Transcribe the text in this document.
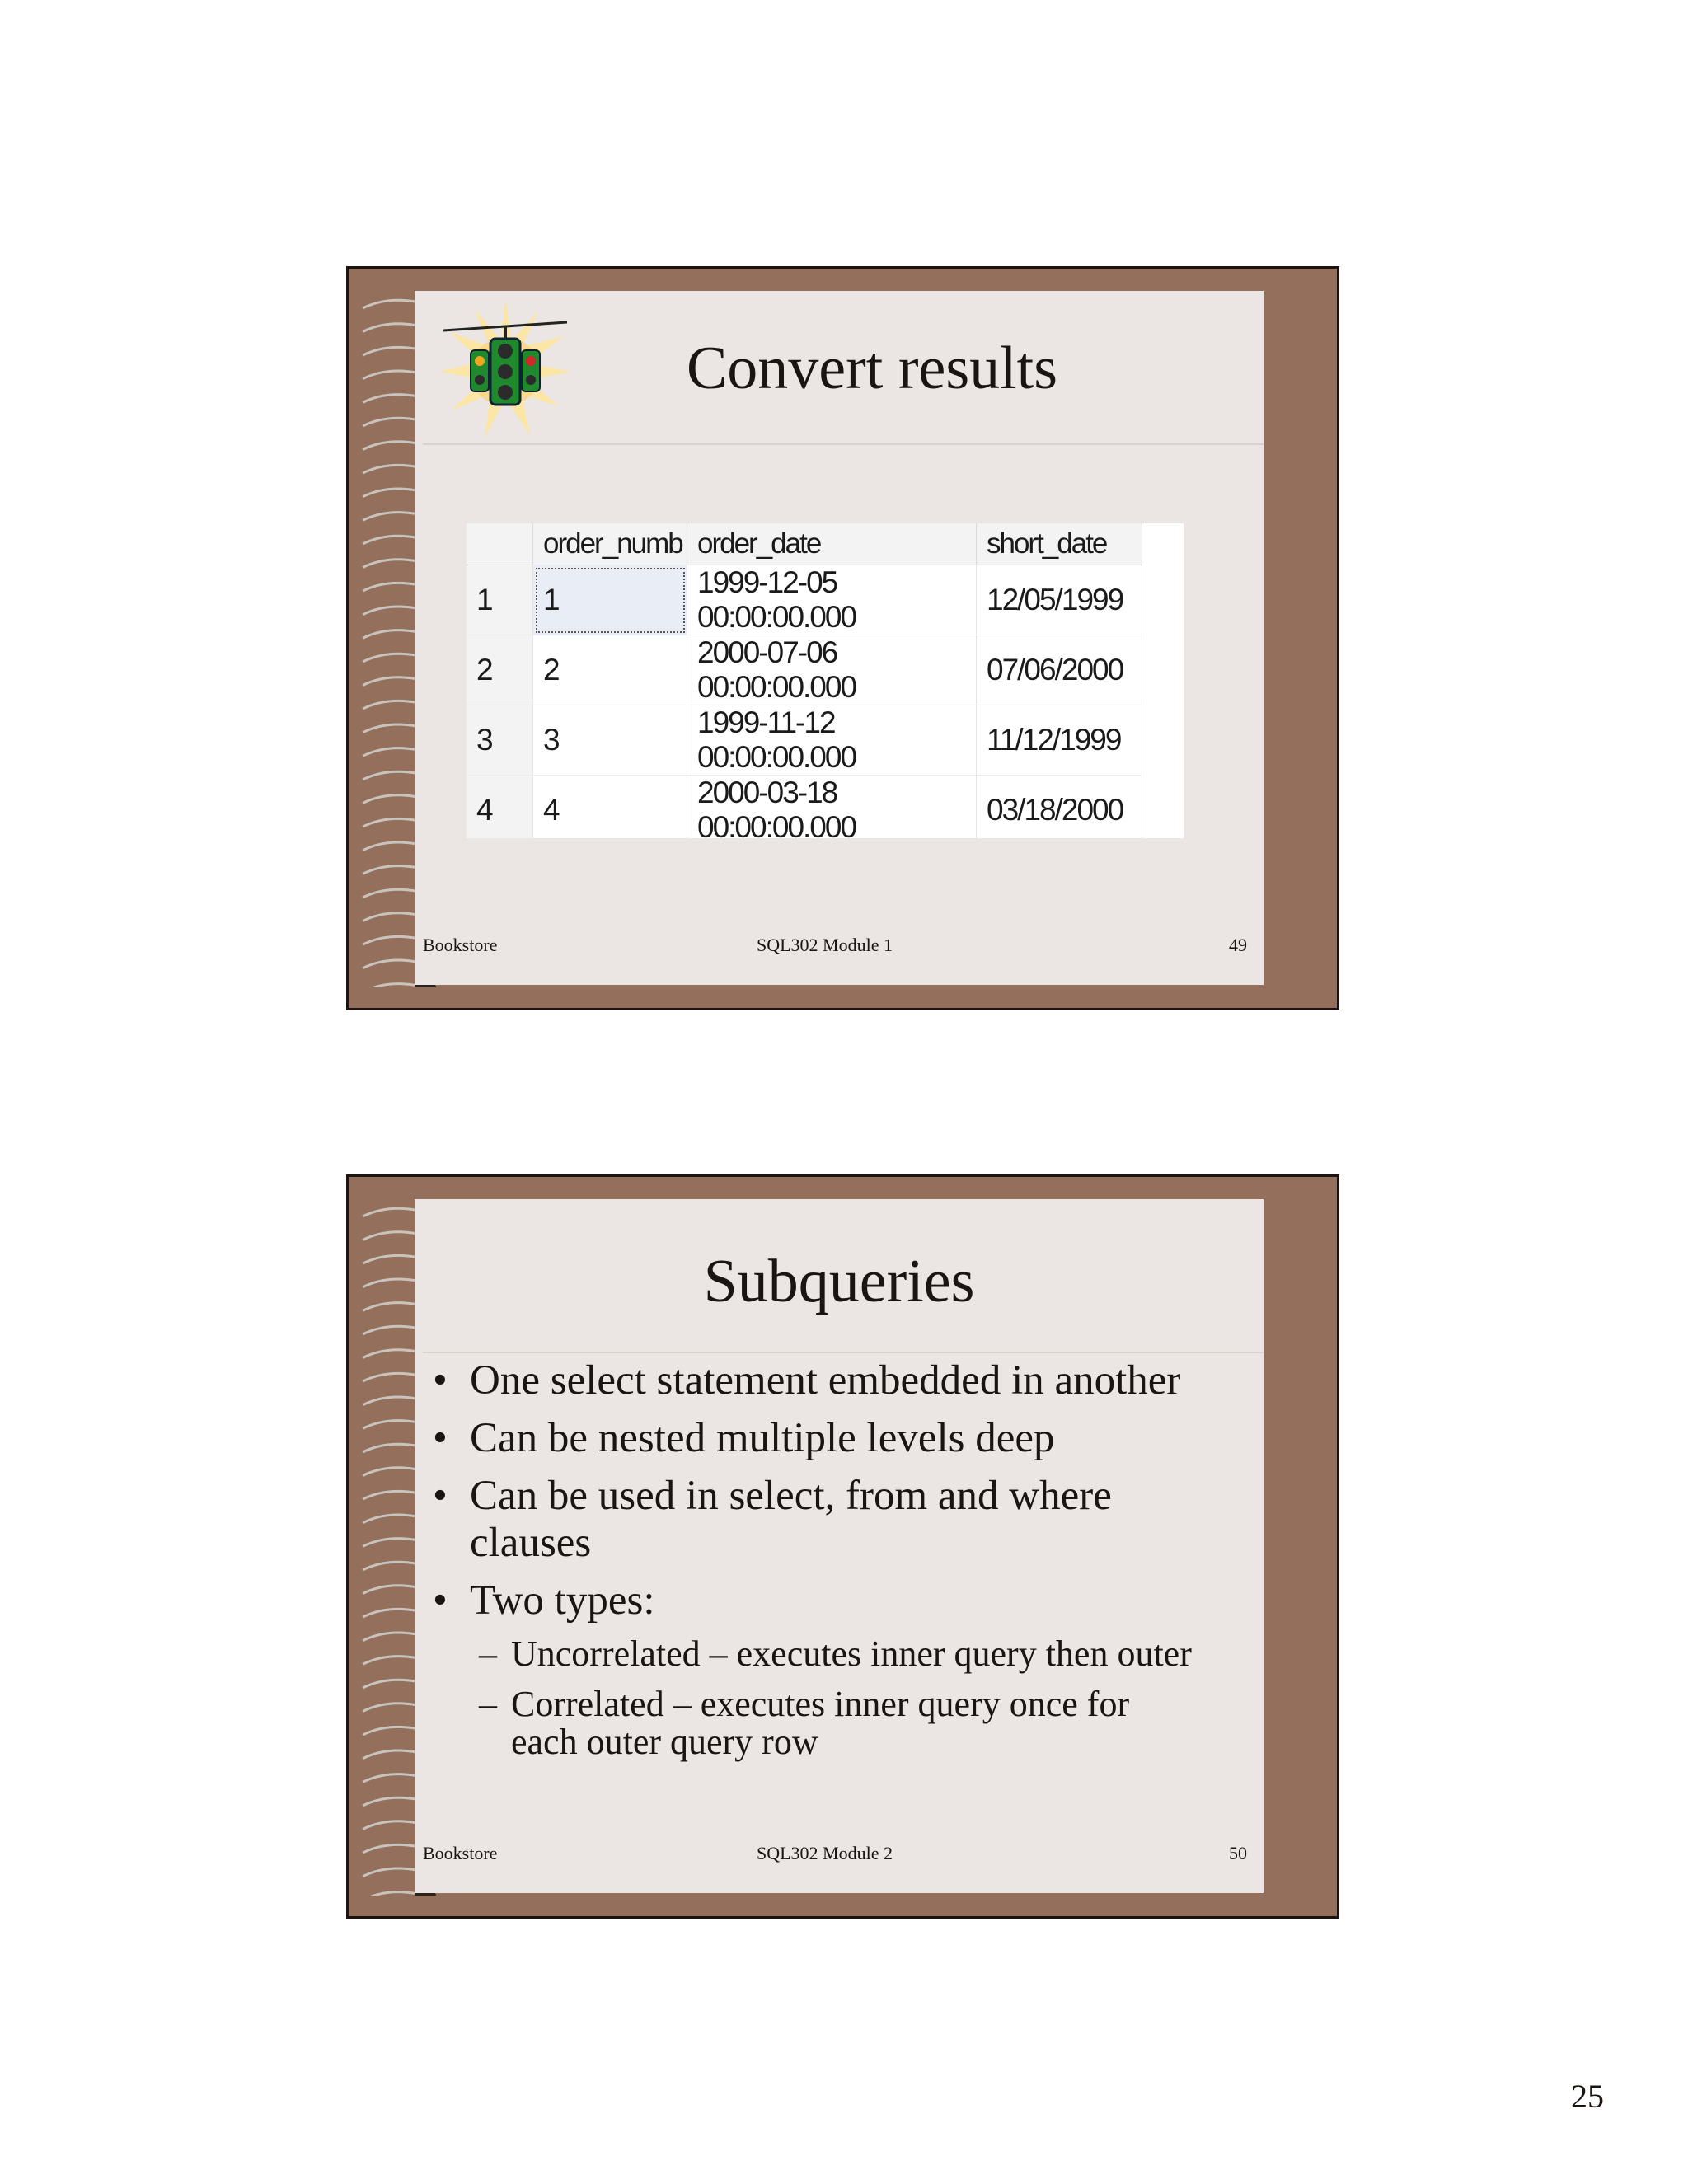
Convert results
	order_numb	order_date	short_date
1	1	1999-12-05 00:00:00.000	12/05/1999
2	2	2000-07-06 00:00:00.000	07/06/2000
3	3	1999-11-12 00:00:00.000	11/12/1999
4	4	2000-03-18 00:00:00.000	03/18/2000

Bookstore	SQL302 Module 1	49
Subqueries
• One select statement embedded in another
• Can be nested multiple levels deep
• Can be used in select, from and where clauses
• Two types:
– Uncorrelated – executes inner query then outer
– Correlated – executes inner query once for each outer query row
Bookstore	SQL302 Module 2	50
25
